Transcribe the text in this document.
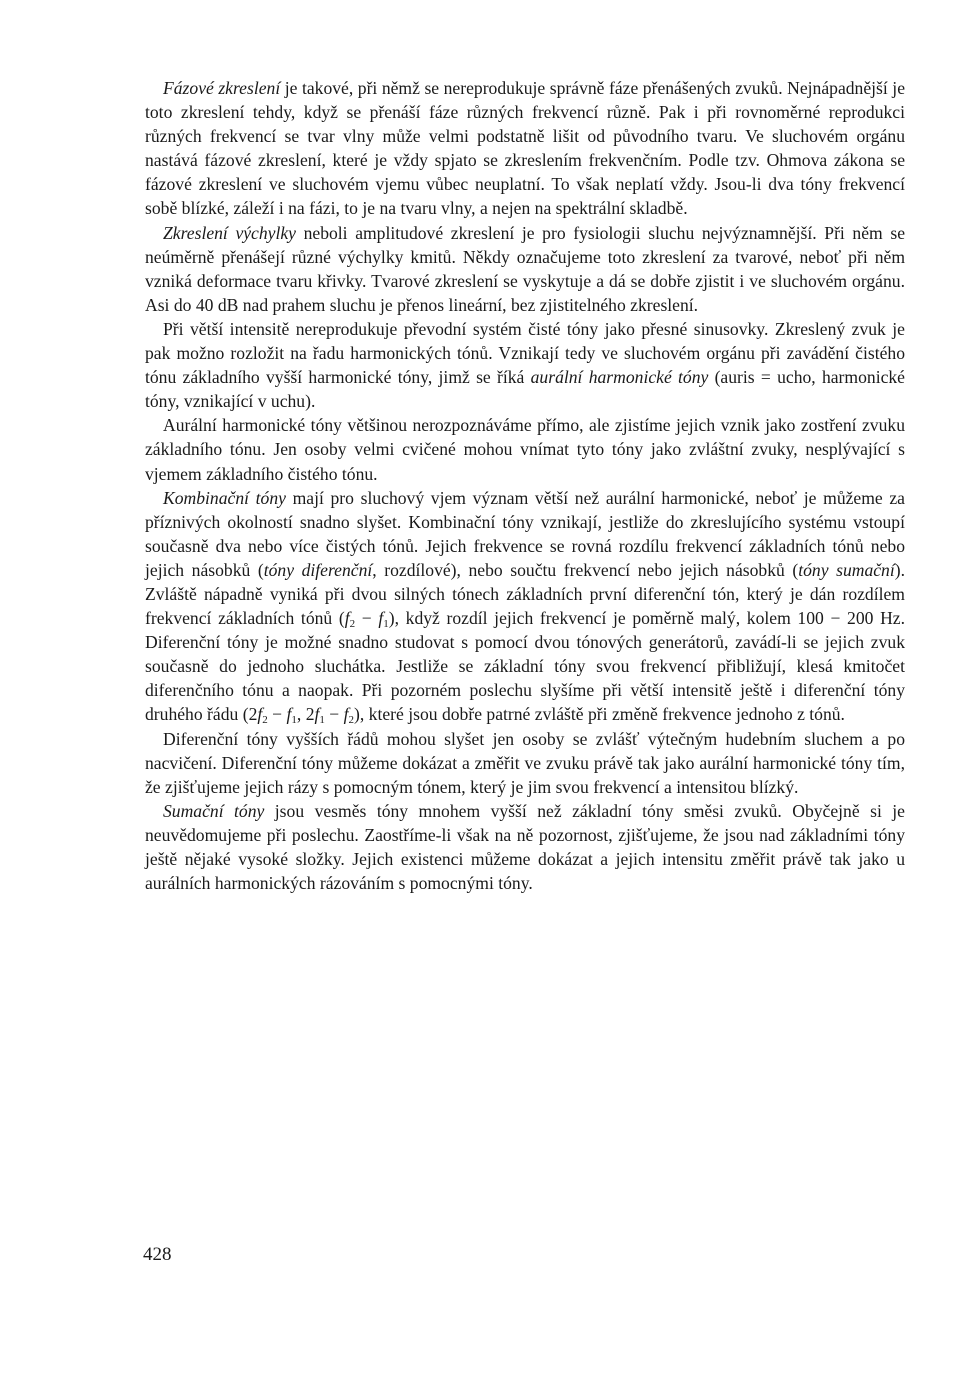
Fázové zkreslení je takové, při němž se nereprodukuje správně fáze přenášených zvuků. Nejnápadnější je toto zkreslení tehdy, když se přenáší fáze různých frekvencí různě. Pak i při rovnoměrné reprodukci různých frekvencí se tvar vlny může velmi podstatně lišit od původního tvaru. Ve sluchovém orgánu nastává fázové zkreslení, které je vždy spjato se zkreslením frekvenčním. Podle tzv. Ohmova zákona se fázové zkreslení ve sluchovém vjemu vůbec neuplatní. To však neplatí vždy. Jsou-li dva tóny frekvencí sobě blízké, záleží i na fázi, to je na tvaru vlny, a nejen na spektrální skladbě.

Zkreslení výchylky neboli amplitudové zkreslení je pro fysiologii sluchu nejvýznamnější. Při něm se neúměrně přenášejí různé výchylky kmitů. Někdy označujeme toto zkreslení za tvarové, neboť při něm vzniká deformace tvaru křivky. Tvarové zkreslení se vyskytuje a dá se dobře zjistit i ve sluchovém orgánu. Asi do 40 dB nad prahem sluchu je přenos lineární, bez zjistitelného zkreslení.

Při větší intensitě nereprodukuje převodní systém čisté tóny jako přesné sinusovky. Zkreslený zvuk je pak možno rozložit na řadu harmonických tónů. Vznikají tedy ve sluchovém orgánu při zavádění čistého tónu základního vyšší harmonické tóny, jimž se říká aurální harmonické tóny (auris = ucho, harmonické tóny, vznikající v uchu).

Aurální harmonické tóny většinou nerozpoznáváme přímo, ale zjistíme jejich vznik jako zostření zvuku základního tónu. Jen osoby velmi cvičené mohou vnímat tyto tóny jako zvláštní zvuky, nesplývající s vjemem základního čistého tónu.

Kombinační tóny mají pro sluchový vjem význam větší než aurální harmonické, neboť je můžeme za příznivých okolností snadno slyšet. Kombinační tóny vznikají, jestliže do zkreslujícího systému vstoupí současně dva nebo více čistých tónů. Jejich frekvence se rovná rozdílu frekvencí základních tónů nebo jejich násobků (tóny diferenční, rozdílové), nebo součtu frekvencí nebo jejich násobků (tóny sumační). Zvláště nápadně vyniká při dvou silných tónech základních první diferenční tón, který je dán rozdílem frekvencí základních tónů $(f_2 - f_1)$, když rozdíl jejich frekvencí je poměrně malý, kolem 100 − 200 Hz. Diferenční tóny je možné snadno studovat s pomocí dvou tónových generátorů, zavádí-li se jejich zvuk současně do jednoho sluchátka. Jestliže se základní tóny svou frekvencí přibližují, klesá kmitočet diferenčního tónu a naopak. Při pozorném poslechu slyšíme při větší intensitě ještě i diferenční tóny druhého řádu ($2f_2 - f_1$, $2f_1 - f_2$), které jsou dobře patrné zvláště při změně frekvence jednoho z tónů.

Diferenční tóny vyšších řádů mohou slyšet jen osoby se zvlášť výtečným hudebním sluchem a po nacvičení. Diferenční tóny můžeme dokázat a změřit ve zvuku právě tak jako aurální harmonické tóny tím, že zjišťujeme jejich rázy s pomocným tónem, který je jim svou frekvencí a intensitou blízký.

Sumační tóny jsou vesměs tóny mnohem vyšší než základní tóny směsi zvuků. Obyčejně si je neuvědomujeme při poslechu. Zaostříme-li však na ně pozornost, zjišťujeme, že jsou nad základními tóny ještě nějaké vysoké složky. Jejich existenci můžeme dokázat a jejich intensitu změřit právě tak jako u aurálních harmonických rázováním s pomocnými tóny.

428
